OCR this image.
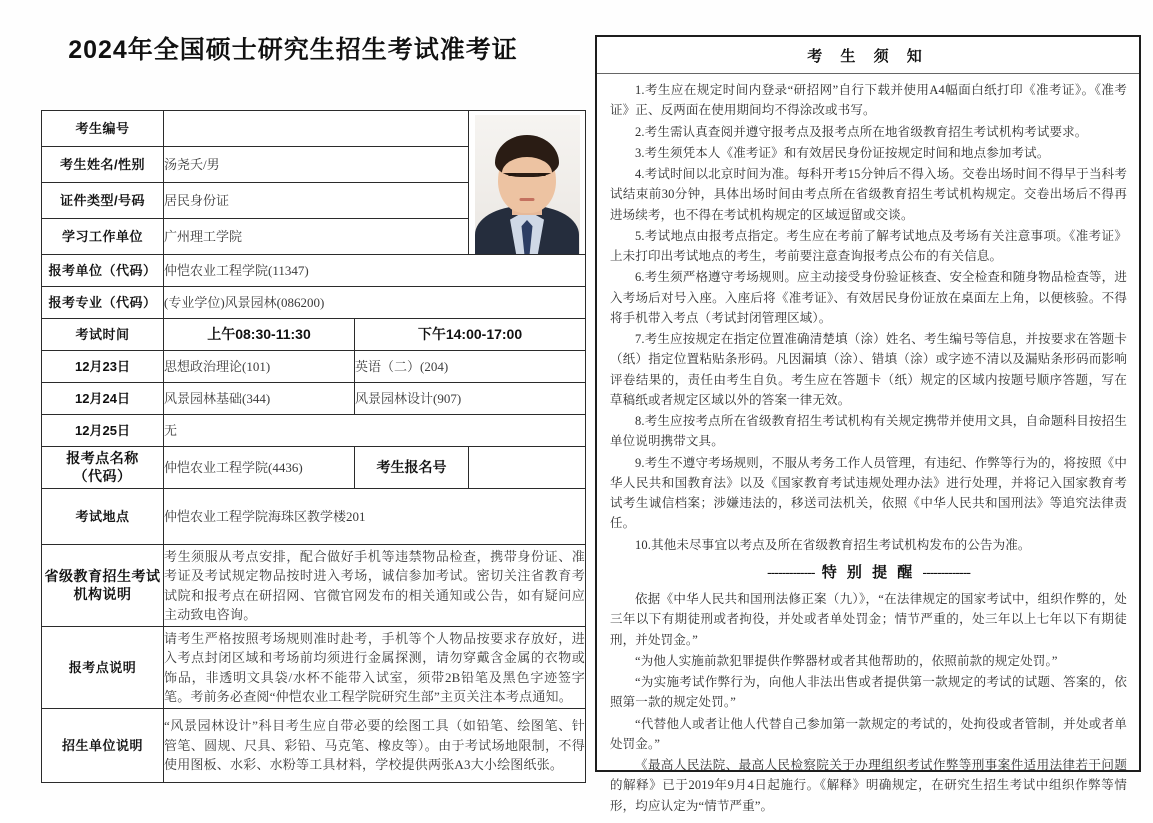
2024年全国硕士研究生招生考试准考证
考生编号			

考生姓名/性别	汤尧夭/男		
证件类型/号码	居民身份证		
学习工作单位	广州理工学院		
报考单位（代码）	仲恺农业工程学院(11347)		
报考专业（代码）	(专业学位)风景园林(086200)		
考试时间	上午08:30-11:30	下午14:00-17:00	
12月23日	思想政治理论(101)	英语（二）(204)	
12月24日	风景园林基础(344)	风景园林设计(907)	
12月25日	无		

报考点名称
（代码）	仲恺农业工程学院(4436)	考生报名号	
考试地点	仲恺农业工程学院海珠区教学楼201		

省级教育招生考试
机构说明	考生须服从考点安排，配合做好手机等违禁物品检查，携带身份证、准考证及考试规定物品按时进入考场，诚信参加考试。密切关注省教育考试院和报考点在研招网、官微官网发布的相关通知或公告，如有疑问应主动致电咨询。		
报考点说明	请考生严格按照考场规则准时赴考，手机等个人物品按要求存放好，进入考点封闭区域和考场前均须进行金属探测，请勿穿戴含金属的衣物或饰品，非透明文具袋/水杯不能带入试室，须带2B铅笔及黑色字迹签字笔。考前务必查阅“仲恺农业工程学院研究生部”主页关注本考点通知。		
招生单位说明	“风景园林设计”科目考生应自带必要的绘图工具（如铅笔、绘图笔、针管笔、圆规、尺具、彩铅、马克笔、橡皮等）。由于考试场地限制，不得使用图板、水彩、水粉等工具材料，学校提供两张A3大小绘图纸张。		
考 生 须 知

1.考生应在规定时间内登录“研招网”自行下载并使用A4幅面白纸打印《准考证》。《准考证》正、反两面在使用期间均不得涂改或书写。

2.考生需认真查阅并遵守报考点及报考点所在地省级教育招生考试机构考试要求。

3.考生须凭本人《准考证》和有效居民身份证按规定时间和地点参加考试。

4.考试时间以北京时间为准。每科开考15分钟后不得入场。交卷出场时间不得早于当科考试结束前30分钟，具体出场时间由考点所在省级教育招生考试机构规定。交卷出场后不得再进场续考，也不得在考试机构规定的区域逗留或交谈。

5.考试地点由报考点指定。考生应在考前了解考试地点及考场有关注意事项。《准考证》上未打印出考试地点的考生，考前要注意查询报考点公布的有关信息。

6.考生须严格遵守考场规则。应主动接受身份验证核查、安全检查和随身物品检查等，进入考场后对号入座。入座后将《准考证》、有效居民身份证放在桌面左上角，以便核验。不得将手机带入考点（考试封闭管理区域）。

7.考生应按规定在指定位置准确清楚填（涂）姓名、考生编号等信息，并按要求在答题卡（纸）指定位置粘贴条形码。凡因漏填（涂）、错填（涂）或字迹不清以及漏贴条形码而影响评卷结果的，责任由考生自负。考生应在答题卡（纸）规定的区域内按题号顺序答题，写在草稿纸或者规定区域以外的答案一律无效。

8.考生应按考点所在省级教育招生考试机构有关规定携带并使用文具，自命题科目按招生单位说明携带文具。

9.考生不遵守考场规则，不服从考务工作人员管理，有违纪、作弊等行为的，将按照《中华人民共和国教育法》以及《国家教育考试违规处理办法》进行处理，并将记入国家教育考试考生诚信档案；涉嫌违法的，移送司法机关，依照《中华人民共和国刑法》等追究法律责任。

10.其他未尽事宜以考点及所在省级教育招生考试机构发布的公告为准。

------------- 特 别 提 醒 -------------

依据《中华人民共和国刑法修正案（九）》，“在法律规定的国家考试中，组织作弊的，处三年以下有期徒刑或者拘役，并处或者单处罚金；情节严重的，处三年以上七年以下有期徒刑，并处罚金。”

“为他人实施前款犯罪提供作弊器材或者其他帮助的，依照前款的规定处罚。”

“为实施考试作弊行为，向他人非法出售或者提供第一款规定的考试的试题、答案的，依照第一款的规定处罚。”

“代替他人或者让他人代替自己参加第一款规定的考试的，处拘役或者管制，并处或者单处罚金。”

《最高人民法院、最高人民检察院关于办理组织考试作弊等刑事案件适用法律若干问题的解释》已于2019年9月4日起施行。《解释》明确规定，在研究生招生考试中组织作弊等情形，均应认定为“情节严重”。
